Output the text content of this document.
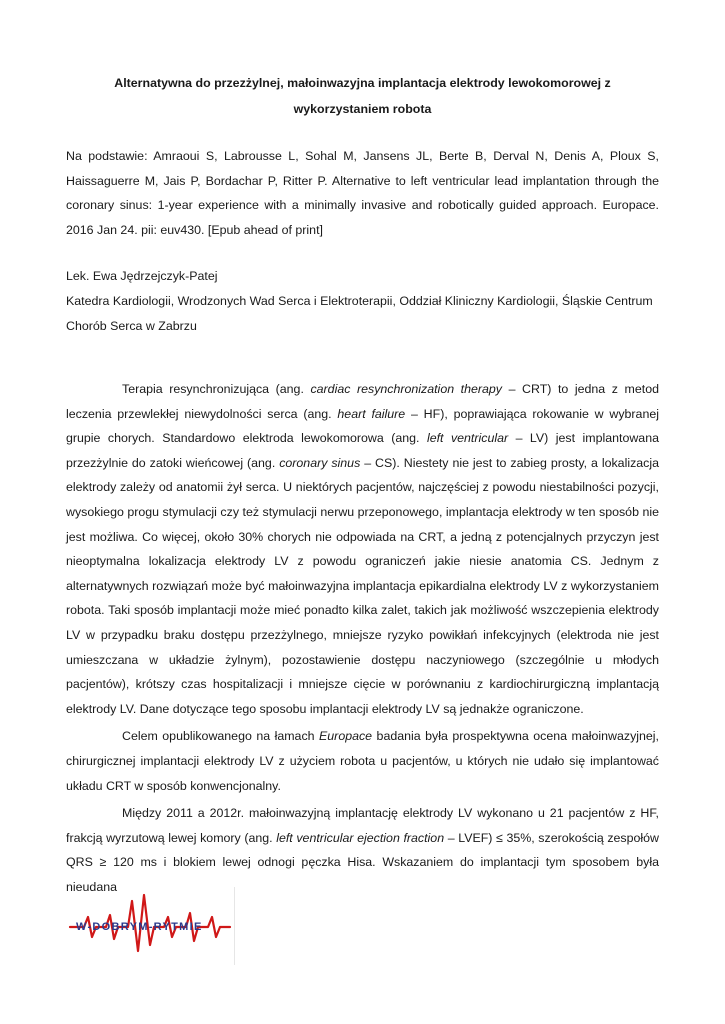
Alternatywna do przezżylnej, małoinwazyjna implantacja elektrody lewokomorowej z wykorzystaniem robota
Na podstawie: Amraoui S, Labrousse L, Sohal M, Jansens JL, Berte B, Derval N, Denis A, Ploux S, Haissaguerre M, Jais P, Bordachar P, Ritter P. Alternative to left ventricular lead implantation through the coronary sinus: 1-year experience with a minimally invasive and robotically guided approach. Europace. 2016 Jan 24. pii: euv430. [Epub ahead of print]
Lek. Ewa Jędrzejczyk-Patej
Katedra Kardiologii, Wrodzonych Wad Serca i Elektroterapii, Oddział Kliniczny Kardiologii, Śląskie Centrum Chorób Serca w Zabrzu

Terapia resynchronizująca (ang. cardiac resynchronization therapy – CRT) to jedna z metod leczenia przewlekłej niewydolności serca (ang. heart failure – HF), poprawiająca rokowanie w wybranej grupie chorych. Standardowo elektroda lewokomorowa (ang. left ventricular – LV) jest implantowana przezżylnie do zatoki wieńcowej (ang. coronary sinus – CS). Niestety nie jest to zabieg prosty, a lokalizacja elektrody zależy od anatomii żył serca. U niektórych pacjentów, najczęściej z powodu niestabilności pozycji, wysokiego progu stymulacji czy też stymulacji nerwu przeponowego, implantacja elektrody w ten sposób nie jest możliwa. Co więcej, około 30% chorych nie odpowiada na CRT, a jedną z potencjalnych przyczyn jest nieoptymalna lokalizacja elektrody LV z powodu ograniczeń jakie niesie anatomia CS. Jednym z alternatywnych rozwiązań może być małoinwazyjna implantacja epikardialna elektrody LV z wykorzystaniem robota. Taki sposób implantacji może mieć ponadto kilka zalet, takich jak możliwość wszczepienia elektrody LV w przypadku braku dostępu przezżylnego, mniejsze ryzyko powikłań infekcyjnych (elektroda nie jest umieszczana w układzie żylnym), pozostawienie dostępu naczyniowego (szczególnie u młodych pacjentów), krótszy czas hospitalizacji i mniejsze cięcie w porównaniu z kardiochirurgiczną implantacją elektrody LV. Dane dotyczące tego sposobu implantacji elektrody LV są jednakże ograniczone.

Celem opublikowanego na łamach Europace badania była prospektywna ocena małoinwazyjnej, chirurgicznej implantacji elektrody LV z użyciem robota u pacjentów, u których nie udało się implantować układu CRT w sposób konwencjonalny.

Między 2011 a 2012r. małoinwazyjną implantację elektrody LV wykonano u 21 pacjentów z HF, frakcją wyrzutową lewej komory (ang. left ventricular ejection fraction – LVEF) ≤ 35%, szerokością zespołów QRS ≥ 120 ms i blokiem lewej odnogi pęczka Hisa. Wskazaniem do implantacji tym sposobem była nieudana

W-DOBRYM-RYTMIE
